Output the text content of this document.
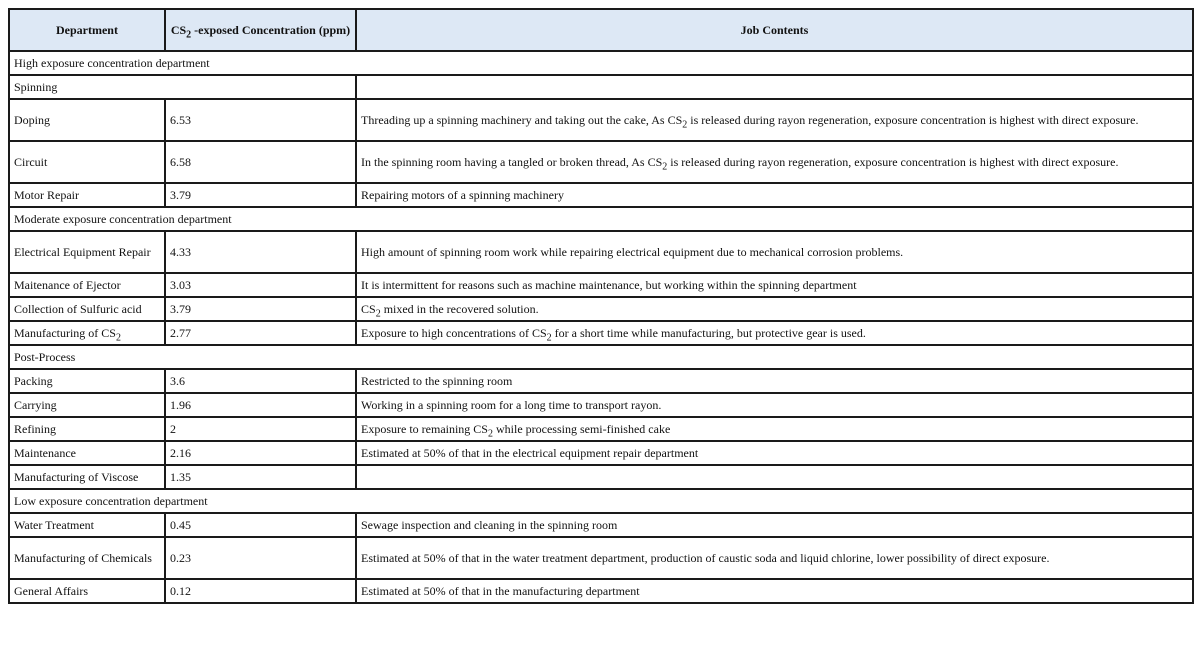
Department	$CS_2$ -exposed Concentration (ppm)	Job Contents
High exposure concentration department		
Spinning		
Doping	6.53	Threading up a spinning machinery and taking out the cake, As $CS_2$ is released during rayon regeneration, exposure concentration is highest with direct exposure.
Circuit	6.58	In the spinning room having a tangled or broken thread, As $CS_2$ is released during rayon regeneration, exposure concentration is highest with direct exposure.
Motor Repair	3.79	Repairing motors of a spinning machinery
Moderate exposure concentration department		
Electrical Equipment Repair	4.33	High amount of spinning room work while repairing electrical equipment due to mechanical corrosion problems.
Maitenance of Ejector	3.03	It is intermittent for reasons such as machine maintenance, but working within the spinning department
Collection of Sulfuric acid	3.79	$CS_2$ mixed in the recovered solution.
Manufacturing of $CS_2$	2.77	Exposure to high concentrations of $CS_2$ for a short time while manufacturing, but protective gear is used.
Post-Process		
Packing	3.6	Restricted to the spinning room
Carrying	1.96	Working in a spinning room for a long time to transport rayon.
Refining	2	Exposure to remaining $CS_2$ while processing semi-finished cake
Maintenance	2.16	Estimated at 50% of that in the electrical equipment repair department
Manufacturing of Viscose	1.35	
Low exposure concentration department		
Water Treatment	0.45	Sewage inspection and cleaning in the spinning room
Manufacturing of Chemicals	0.23	Estimated at 50% of that in the water treatment department, production of caustic soda and liquid chlorine, lower possibility of direct exposure.
General Affairs	0.12	Estimated at 50% of that in the manufacturing department
